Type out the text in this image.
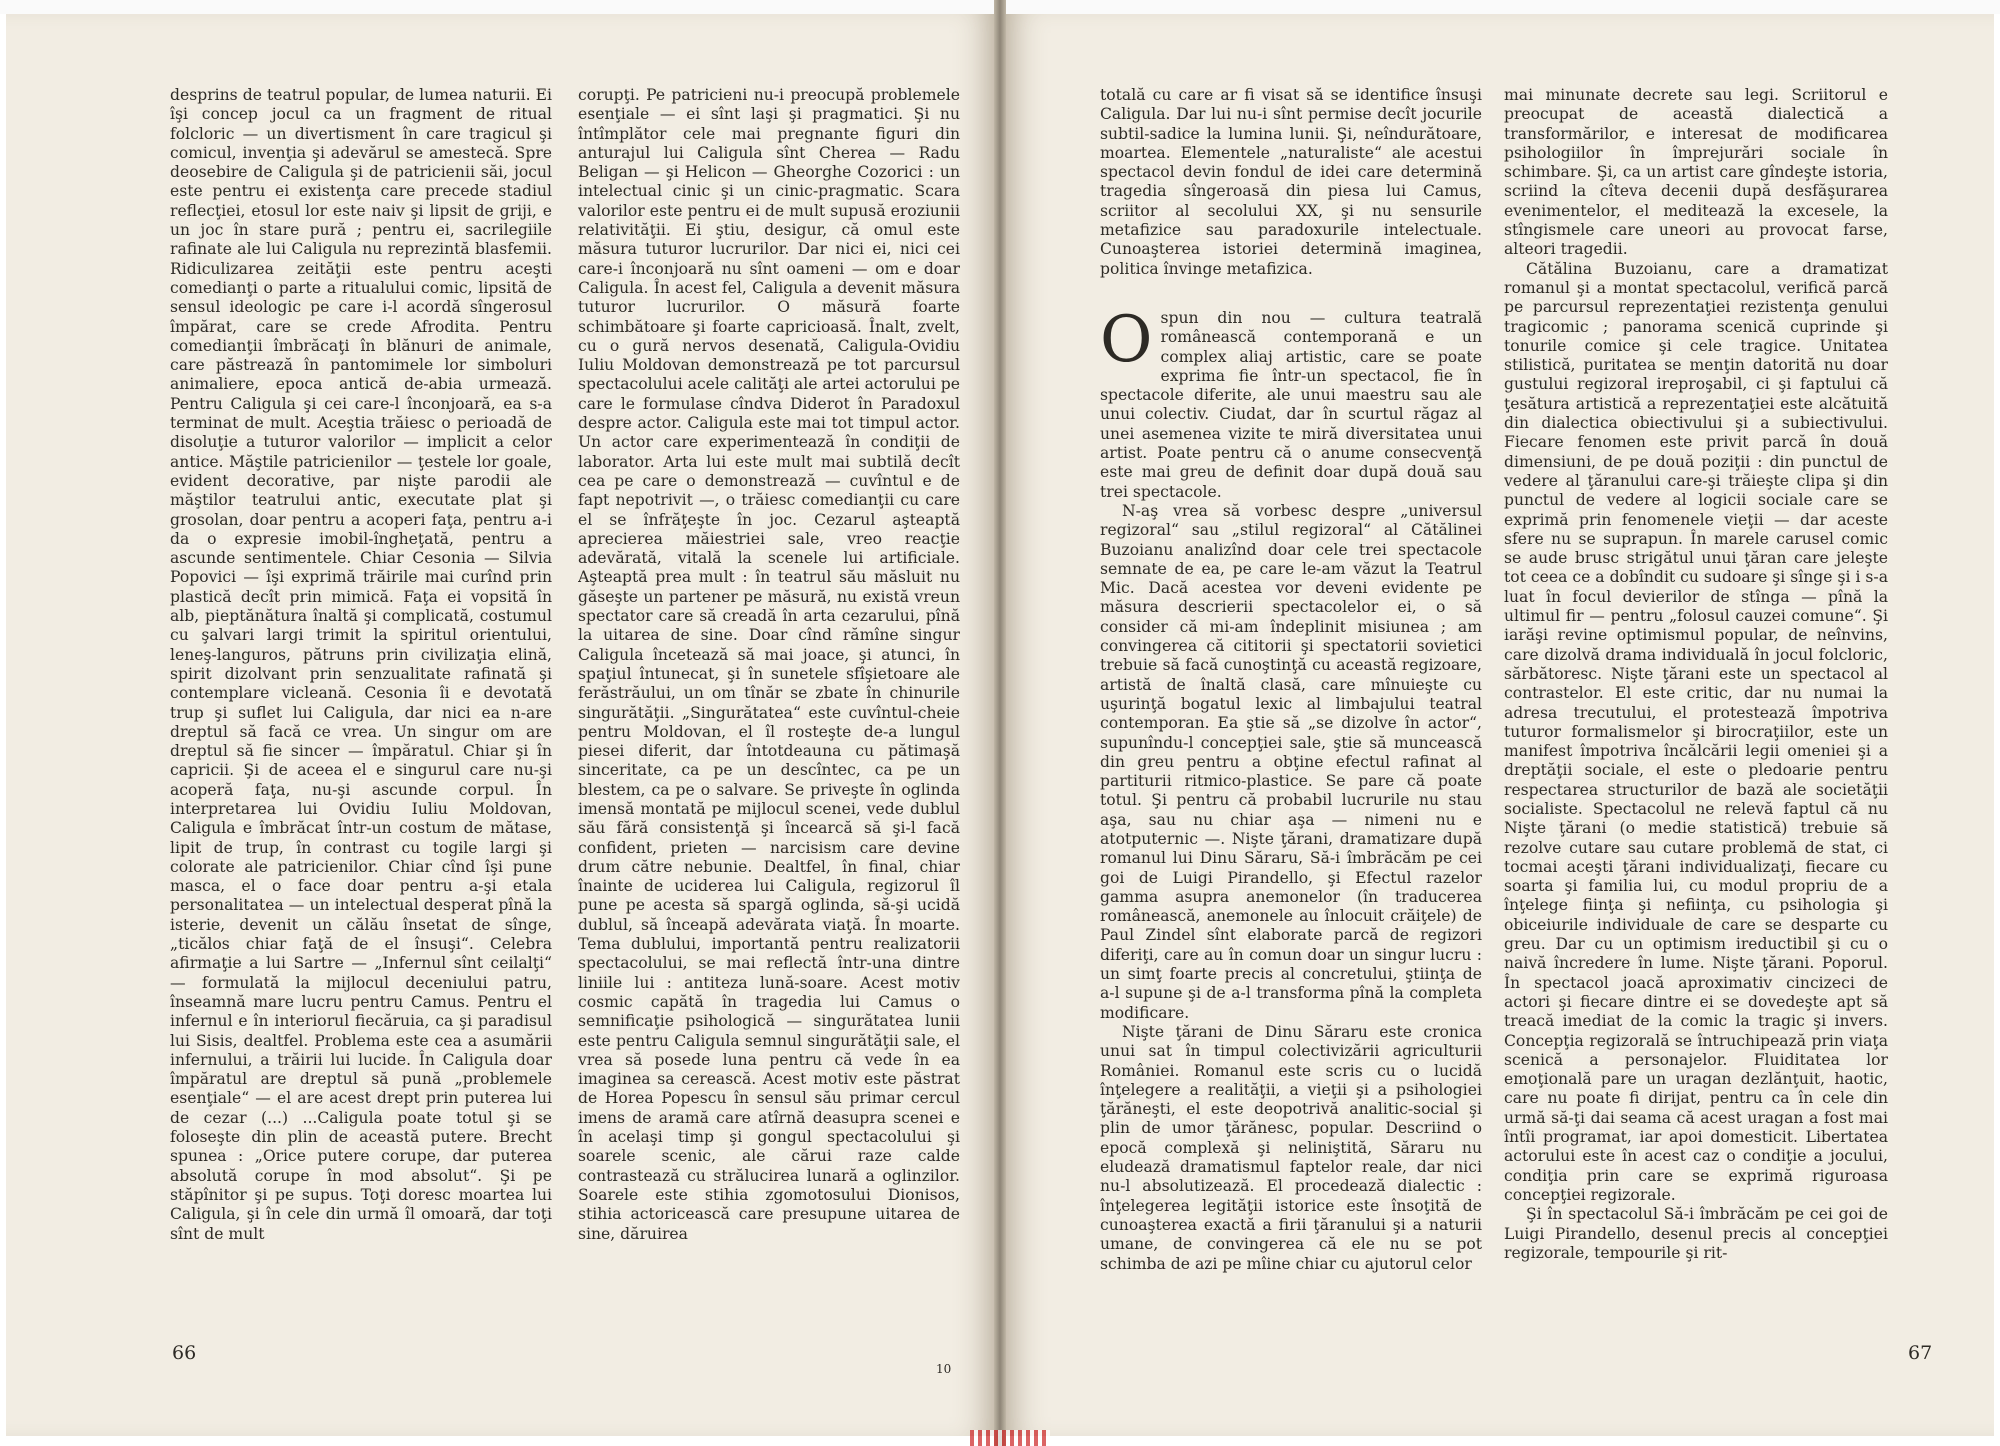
desprins de teatrul popular, de lumea naturii. Ei îşi concep jocul ca un fragment de ritual folcloric — un divertisment în care tragicul şi comicul, invenţia şi adevărul se amestecă. Spre deosebire de Caligula şi de patricienii săi, jocul este pentru ei existenţa care precede stadiul reflecţiei, etosul lor este naiv şi lipsit de griji, e un joc în stare pură ; pentru ei, sacrilegiile rafinate ale lui Caligula nu reprezintă blasfemii. Ridiculizarea zeităţii este pentru aceşti comedianţi o parte a ritualului comic, lipsită de sensul ideologic pe care i-l acordă sîngerosul împărat, care se crede Afrodita. Pentru comedianţii îmbrăcaţi în blănuri de animale, care păstrează în pantomimele lor simboluri animaliere, epoca antică de-abia urmează. Pentru Caligula şi cei care-l înconjoară, ea s-a terminat de mult. Aceştia trăiesc o perioadă de disoluţie a tuturor valorilor — implicit a celor antice. Măştile patricienilor — ţestele lor goale, evident decorative, par nişte parodii ale măştilor teatrului antic, executate plat şi grosolan, doar pentru a acoperi faţa, pentru a-i da o expresie imobil-îngheţată, pentru a ascunde sentimentele. Chiar Cesonia — Silvia Popovici — îşi exprimă trăirile mai curînd prin plastică decît prin mimică. Faţa ei vopsită în alb, pieptănătura înaltă şi complicată, costumul cu şalvari largi trimit la spiritul orientului, leneş-languros, pătruns prin civilizaţia elină, spirit dizolvant prin senzualitate rafinată şi contemplare vicleană. Cesonia îi e devotată trup şi suflet lui Caligula, dar nici ea n-are dreptul să facă ce vrea. Un singur om are dreptul să fie sincer — împăratul. Chiar şi în capricii. Şi de aceea el e singurul care nu-şi acoperă faţa, nu-şi ascunde corpul. În interpretarea lui Ovidiu Iuliu Moldovan, Caligula e îmbrăcat într-un costum de mătase, lipit de trup, în contrast cu togile largi şi colorate ale patricienilor. Chiar cînd îşi pune masca, el o face doar pentru a-şi etala personalitatea — un intelectual desperat pînă la isterie, devenit un călău însetat de sînge, „ticălos chiar faţă de el însuşi“. Celebra afirmaţie a lui Sartre — „Infernul sînt ceilalţi“ — formulată la mijlocul deceniului patru, înseamnă mare lucru pentru Camus. Pentru el infernul e în interiorul fiecăruia, ca şi paradisul lui Sisis, dealtfel. Problema este cea a asumării infernului, a trăirii lui lucide. În Caligula doar împăratul are dreptul să pună „problemele esenţiale“ — el are acest drept prin puterea lui de cezar (...) ...Caligula poate totul şi se foloseşte din plin de această putere. Brecht spunea : „Orice putere corupe, dar puterea absolută corupe în mod absolut“. Şi pe stăpînitor şi pe supus. Toţi doresc moartea lui Caligula, şi în cele din urmă îl omoară, dar toţi sînt de mult

corupţi. Pe patricieni nu-i preocupă problemele esenţiale — ei sînt laşi şi pragmatici. Şi nu întîmplător cele mai pregnante figuri din anturajul lui Caligula sînt Cherea — Radu Beligan — şi Helicon — Gheorghe Cozorici : un intelectual cinic şi un cinic-pragmatic. Scara valorilor este pentru ei de mult supusă eroziunii relativităţii. Ei ştiu, desigur, că omul este măsura tuturor lucrurilor. Dar nici ei, nici cei care-i înconjoară nu sînt oameni — om e doar Caligula. În acest fel, Caligula a devenit măsura tuturor lucrurilor. O măsură foarte schimbătoare şi foarte capricioasă. Înalt, zvelt, cu o gură nervos desenată, Caligula-Ovidiu Iuliu Moldovan demonstrează pe tot parcursul spectacolului acele calităţi ale artei actorului pe care le formulase cîndva Diderot în Paradoxul despre actor. Caligula este mai tot timpul actor. Un actor care experimentează în condiţii de laborator. Arta lui este mult mai subtilă decît cea pe care o demonstrează — cuvîntul e de fapt nepotrivit —, o trăiesc comedianţii cu care el se înfrăţeşte în joc. Cezarul aşteaptă aprecierea măiestriei sale, vreo reacţie adevărată, vitală la scenele lui artificiale. Aşteaptă prea mult : în teatrul său măsluit nu găseşte un partener pe măsură, nu există vreun spectator care să creadă în arta cezarului, pînă la uitarea de sine. Doar cînd rămîne singur Caligula încetează să mai joace, şi atunci, în spaţiul întunecat, şi în sunetele sfîşietoare ale ferăstrăului, un om tînăr se zbate în chinurile singurătăţii. „Singurătatea“ este cuvîntul-cheie pentru Moldovan, el îl rosteşte de-a lungul piesei diferit, dar întotdeauna cu pătimaşă sinceritate, ca pe un descîntec, ca pe un blestem, ca pe o salvare. Se priveşte în oglinda imensă montată pe mijlocul scenei, vede dublul său fără consistenţă şi încearcă să şi-l facă confident, prieten — narcisism care devine drum către nebunie. Dealtfel, în final, chiar înainte de uciderea lui Caligula, regizorul îl pune pe acesta să spargă oglinda, să-şi ucidă dublul, să înceapă adevărata viaţă. În moarte. Tema dublului, importantă pentru realizatorii spectacolului, se mai reflectă într-una dintre liniile lui : antiteza lună-soare. Acest motiv cosmic capătă în tragedia lui Camus o semnificaţie psihologică — singurătatea lunii este pentru Caligula semnul singurătăţii sale, el vrea să posede luna pentru că vede în ea imaginea sa cerească. Acest motiv este păstrat de Horea Popescu în sensul său primar cercul imens de aramă care atîrnă deasupra scenei e în acelaşi timp şi gongul spectacolului şi soarele scenic, ale cărui raze calde contrastează cu strălucirea lunară a oglinzilor. Soarele este stihia zgomotosului Dionisos, stihia actoricească care presupune uitarea de sine, dăruirea

66
10

totală cu care ar fi visat să se identifice însuşi Caligula. Dar lui nu-i sînt permise decît jocurile subtil-sadice la lumina lunii. Şi, neîndurătoare, moartea. Elementele „naturaliste“ ale acestui spectacol devin fondul de idei care determină tragedia sîngeroasă din piesa lui Camus, scriitor al secolului XX, şi nu sensurile metafizice sau paradoxurile intelectuale. Cunoaşterea istoriei determină imaginea, politica învinge metafizica.

Ospun din nou — cultura teatrală românească contemporană e un complex aliaj artistic, care se poate exprima fie într-un spectacol, fie în spectacole diferite, ale unui maestru sau ale unui colectiv. Ciudat, dar în scurtul răgaz al unei asemenea vizite te miră diversitatea unui artist. Poate pentru că o anume consecvenţă este mai greu de definit doar după două sau trei spectacole.

N-aş vrea să vorbesc despre „universul regizoral“ sau „stilul regizoral“ al Cătălinei Buzoianu analizînd doar cele trei spectacole semnate de ea, pe care le-am văzut la Teatrul Mic. Dacă acestea vor deveni evidente pe măsura descrierii spectacolelor ei, o să consider că mi-am îndeplinit misiunea ; am convingerea că cititorii şi spectatorii sovietici trebuie să facă cunoştinţă cu această regizoare, artistă de înaltă clasă, care mînuieşte cu uşurinţă bogatul lexic al limbajului teatral contemporan. Ea ştie să „se dizolve în actor“, supunîndu-l concepţiei sale, ştie să muncească din greu pentru a obţine efectul rafinat al partiturii ritmico-plastice. Se pare că poate totul. Şi pentru că probabil lucrurile nu stau aşa, sau nu chiar aşa — nimeni nu e atotputernic —. Nişte ţărani, dramatizare după romanul lui Dinu Săraru, Să-i îmbrăcăm pe cei goi de Luigi Pirandello, şi Efectul razelor gamma asupra anemonelor (în traducerea românească, anemonele au înlocuit crăiţele) de Paul Zindel sînt elaborate parcă de regizori diferiţi, care au în comun doar un singur lucru : un simţ foarte precis al concretului, ştiinţa de a-l supune şi de a-l transforma pînă la completa modificare.

Nişte ţărani de Dinu Săraru este cronica unui sat în timpul colectivizării agriculturii României. Romanul este scris cu o lucidă înţelegere a realităţii, a vieţii şi a psihologiei ţărăneşti, el este deopotrivă analitic-social şi plin de umor ţărănesc, popular. Descriind o epocă complexă şi neliniştită, Săraru nu eludează dramatismul faptelor reale, dar nici nu-l absolutizează. El procedează dialectic : înţelegerea legităţii istorice este însoţită de cunoaşterea exactă a firii ţăranului şi a naturii umane, de convingerea că ele nu se pot schimba de azi pe mîine chiar cu ajutorul celor

mai minunate decrete sau legi. Scriitorul e preocupat de această dialectică a transformărilor, e interesat de modificarea psihologiilor în împrejurări sociale în schimbare. Şi, ca un artist care gîndeşte istoria, scriind la cîteva decenii după desfăşurarea evenimentelor, el meditează la excesele, la stîngismele care uneori au provocat farse, alteori tragedii.

Cătălina Buzoianu, care a dramatizat romanul şi a montat spectacolul, verifică parcă pe parcursul reprezentaţiei rezistenţa genului tragicomic ; panorama scenică cuprinde şi tonurile comice şi cele tragice. Unitatea stilistică, puritatea se menţin datorită nu doar gustului regizoral ireproşabil, ci şi faptului că ţesătura artistică a reprezentaţiei este alcătuită din dialectica obiectivului şi a subiectivului. Fiecare fenomen este privit parcă în două dimensiuni, de pe două poziţii : din punctul de vedere al ţăranului care-şi trăieşte clipa şi din punctul de vedere al logicii sociale care se exprimă prin fenomenele vieţii — dar aceste sfere nu se suprapun. În marele carusel comic se aude brusc strigătul unui ţăran care jeleşte tot ceea ce a dobîndit cu sudoare şi sînge şi i s-a luat în focul devierilor de stînga — pînă la ultimul fir — pentru „folosul cauzei comune“. Şi iarăşi revine optimismul popular, de neînvins, care dizolvă drama individuală în jocul folcloric, sărbătoresc. Nişte ţărani este un spectacol al contrastelor. El este critic, dar nu numai la adresa trecutului, el protestează împotriva tuturor formalismelor şi birocraţiilor, este un manifest împotriva încălcării legii omeniei şi a dreptăţii sociale, el este o pledoarie pentru respectarea structurilor de bază ale societăţii socialiste. Spectacolul ne relevă faptul că nu Nişte ţărani (o medie statistică) trebuie să rezolve cutare sau cutare problemă de stat, ci tocmai aceşti ţărani individualizaţi, fiecare cu soarta şi familia lui, cu modul propriu de a înţelege fiinţa şi nefiinţa, cu psihologia şi obiceiurile individuale de care se desparte cu greu. Dar cu un optimism ireductibil şi cu o naivă încredere în lume. Nişte ţărani. Poporul. În spectacol joacă aproximativ cincizeci de actori şi fiecare dintre ei se dovedeşte apt să treacă imediat de la comic la tragic şi invers. Concepţia regizorală se întruchipează prin viaţa scenică a personajelor. Fluiditatea lor emoţională pare un uragan dezlănţuit, haotic, care nu poate fi dirijat, pentru ca în cele din urmă să-ţi dai seama că acest uragan a fost mai întîi programat, iar apoi domesticit. Libertatea actorului este în acest caz o condiţie a jocului, condiţia prin care se exprimă riguroasa concepţiei regizorale.

Şi în spectacolul Să-i îmbrăcăm pe cei goi de Luigi Pirandello, desenul precis al concepţiei regizorale, tempourile şi rit-

67
